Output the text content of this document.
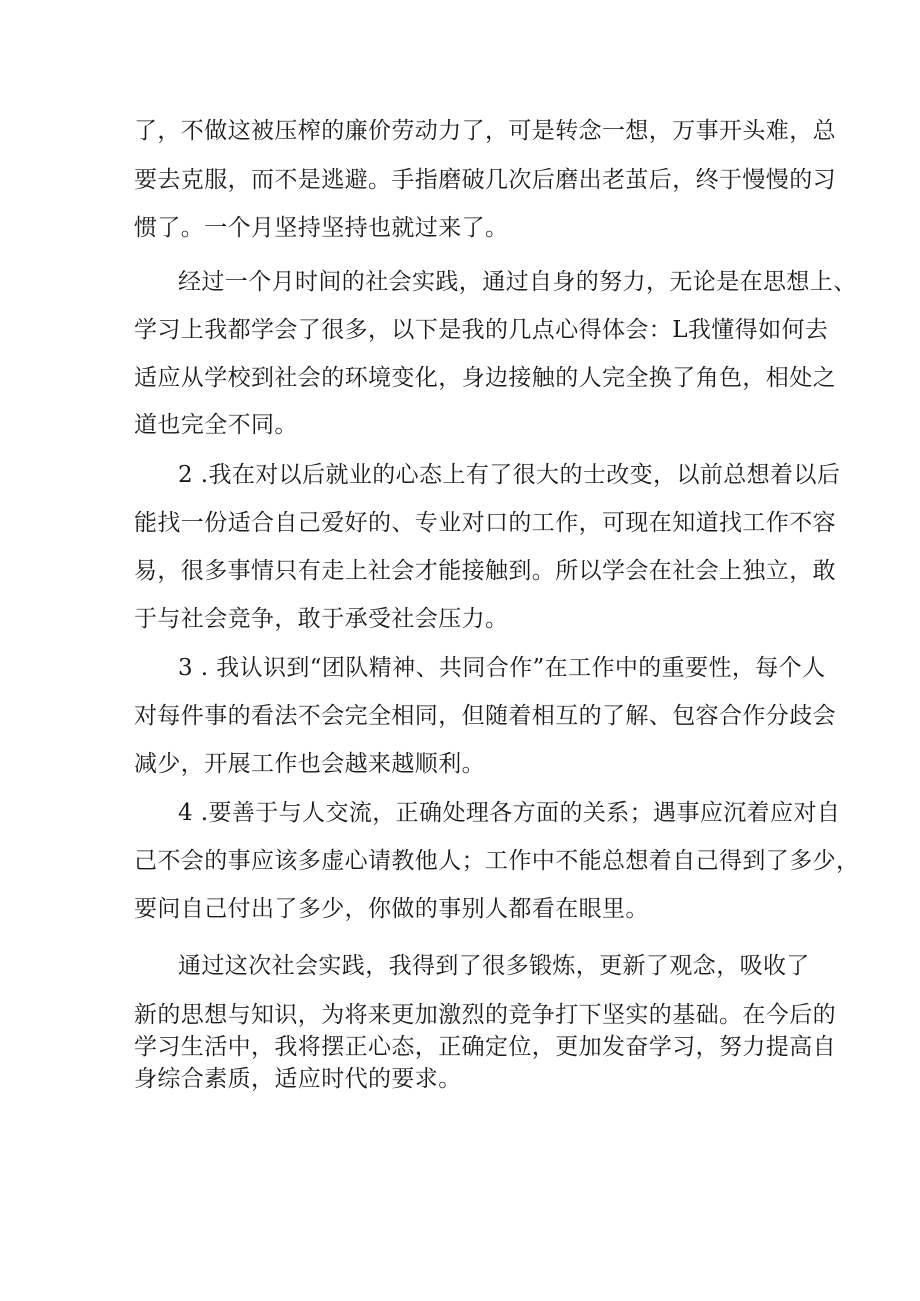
了，不做这被压榨的廉价劳动力了，可是转念一想，万事开头难，总
要去克服，而不是逃避。手指磨破几次后磨出老茧后，终于慢慢的习
惯了。一个月坚持坚持也就过来了。
经过一个月时间的社会实践，通过自身的努力，无论是在思想上、
学习上我都学会了很多，以下是我的几点心得体会：L我懂得如何去
适应从学校到社会的环境变化，身边接触的人完全换了角色，相处之
道也完全不同。
2 .我在对以后就业的心态上有了很大的士改变，以前总想着以后
能找一份适合自己爱好的、专业对口的工作，可现在知道找工作不容
易，很多事情只有走上社会才能接触到。所以学会在社会上独立，敢
于与社会竞争，敢于承受社会压力。
3 . 我认识到“团队精神、共同合作”在工作中的重要性，每个人
对每件事的看法不会完全相同，但随着相互的了解、包容合作分歧会
减少，开展工作也会越来越顺利。
4 .要善于与人交流，正确处理各方面的关系；遇事应沉着应对自
己不会的事应该多虚心请教他人；工作中不能总想着自己得到了多少，
要问自己付出了多少，你做的事别人都看在眼里。
通过这次社会实践，我得到了很多锻炼，更新了观念，吸收了
新的思想与知识，为将来更加激烈的竞争打下坚实的基础。在今后的
学习生活中，我将摆正心态，正确定位，更加发奋学习，努力提高自
身综合素质，适应时代的要求。
